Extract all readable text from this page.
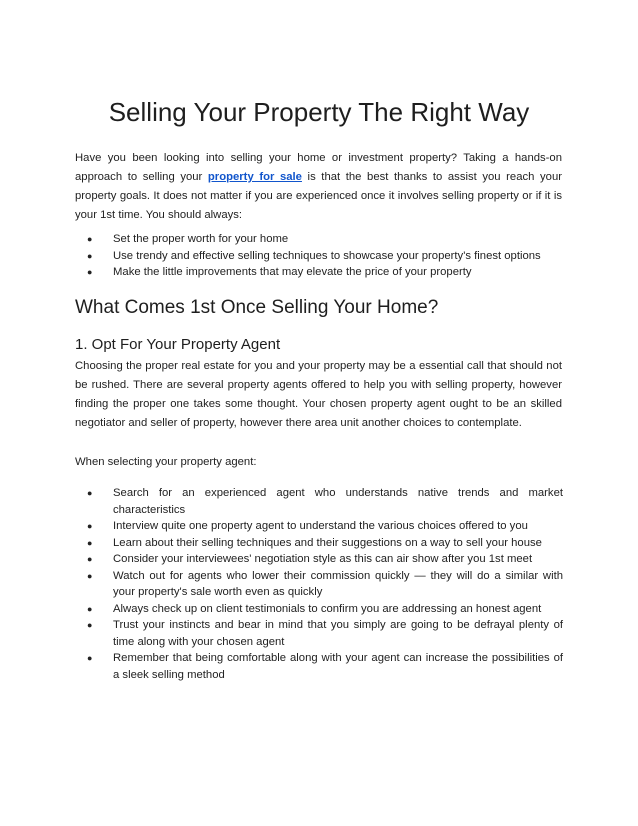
Selling Your Property The Right Way

Have you been looking into selling your home or investment property? Taking a hands-on approach to selling your property for sale is that the best thanks to assist you reach your property goals. It does not matter if you are experienced once it involves selling property or if it is your 1st time. You should always:

●	Set the proper worth for your home
●	Use trendy and effective selling techniques to showcase your property's finest options
●	Make the little improvements that may elevate the price of your property
What Comes 1st Once Selling Your Home?
1. Opt For Your Property Agent

Choosing the proper real estate for you and your property may be a essential call that should not be rushed. There are several property agents offered to help you with selling property, however finding the proper one takes some thought. Your chosen property agent ought to be an skilled negotiator and seller of property, however there area unit another choices to contemplate.

When selecting your property agent:

●	Search for an experienced agent who understands native trends and market characteristics
●	Interview quite one property agent to understand the various choices offered to you
●	Learn about their selling techniques and their suggestions on a way to sell your house
●	Consider your interviewees' negotiation style as this can air show after you 1st meet
●	Watch out for agents who lower their commission quickly — they will do a similar with your property's sale worth even as quickly
●	Always check up on client testimonials to confirm you are addressing an honest agent
●	Trust your instincts and bear in mind that you simply are going to be defrayal plenty of time along with your chosen agent
●	Remember that being comfortable along with your agent can increase the possibilities of a sleek selling method
